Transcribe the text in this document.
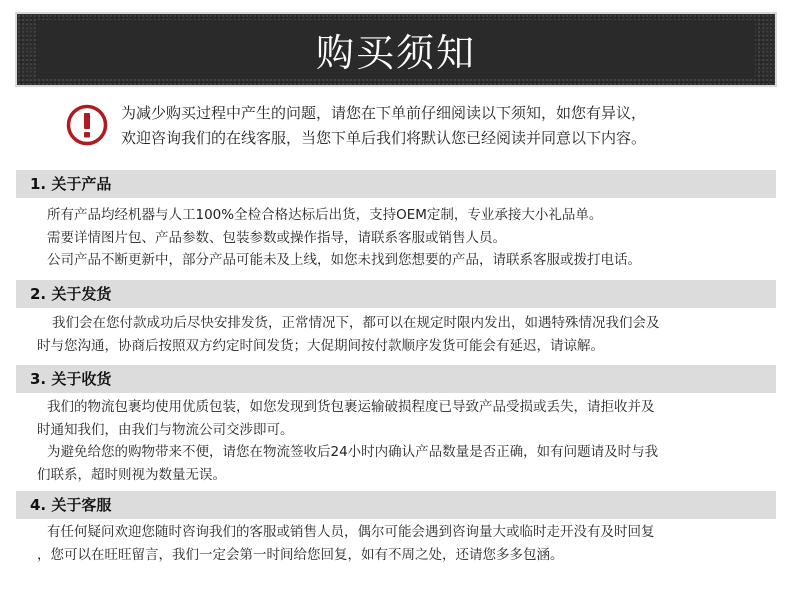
购买须知
为减少购买过程中产生的问题，请您在下单前仔细阅读以下须知，如您有异议，
欢迎咨询我们的在线客服，当您下单后我们将默认您已经阅读并同意以下内容。
1. 关于产品
所有产品均经机器与人工100%全检合格达标后出货，支持OEM定制，专业承接大小礼品单。
需要详情图片包、产品参数、包装参数或操作指导，请联系客服或销售人员。
公司产品不断更新中，部分产品可能未及上线，如您未找到您想要的产品，请联系客服或拨打电话。
2. 关于发货
我们会在您付款成功后尽快安排发货，正常情况下，都可以在规定时限内发出，如遇特殊情况我们会及
时与您沟通，协商后按照双方约定时间发货；大促期间按付款顺序发货可能会有延迟，请谅解。
3. 关于收货
我们的物流包裹均使用优质包装，如您发现到货包裹运输破损程度已导致产品受损或丢失，请拒收并及
时通知我们，由我们与物流公司交涉即可。
为避免给您的购物带来不便，请您在物流签收后24小时内确认产品数量是否正确，如有问题请及时与我
们联系，超时则视为数量无误。
4. 关于客服
有任何疑问欢迎您随时咨询我们的客服或销售人员，偶尔可能会遇到咨询量大或临时走开没有及时回复
，您可以在旺旺留言，我们一定会第一时间给您回复，如有不周之处，还请您多多包涵。
